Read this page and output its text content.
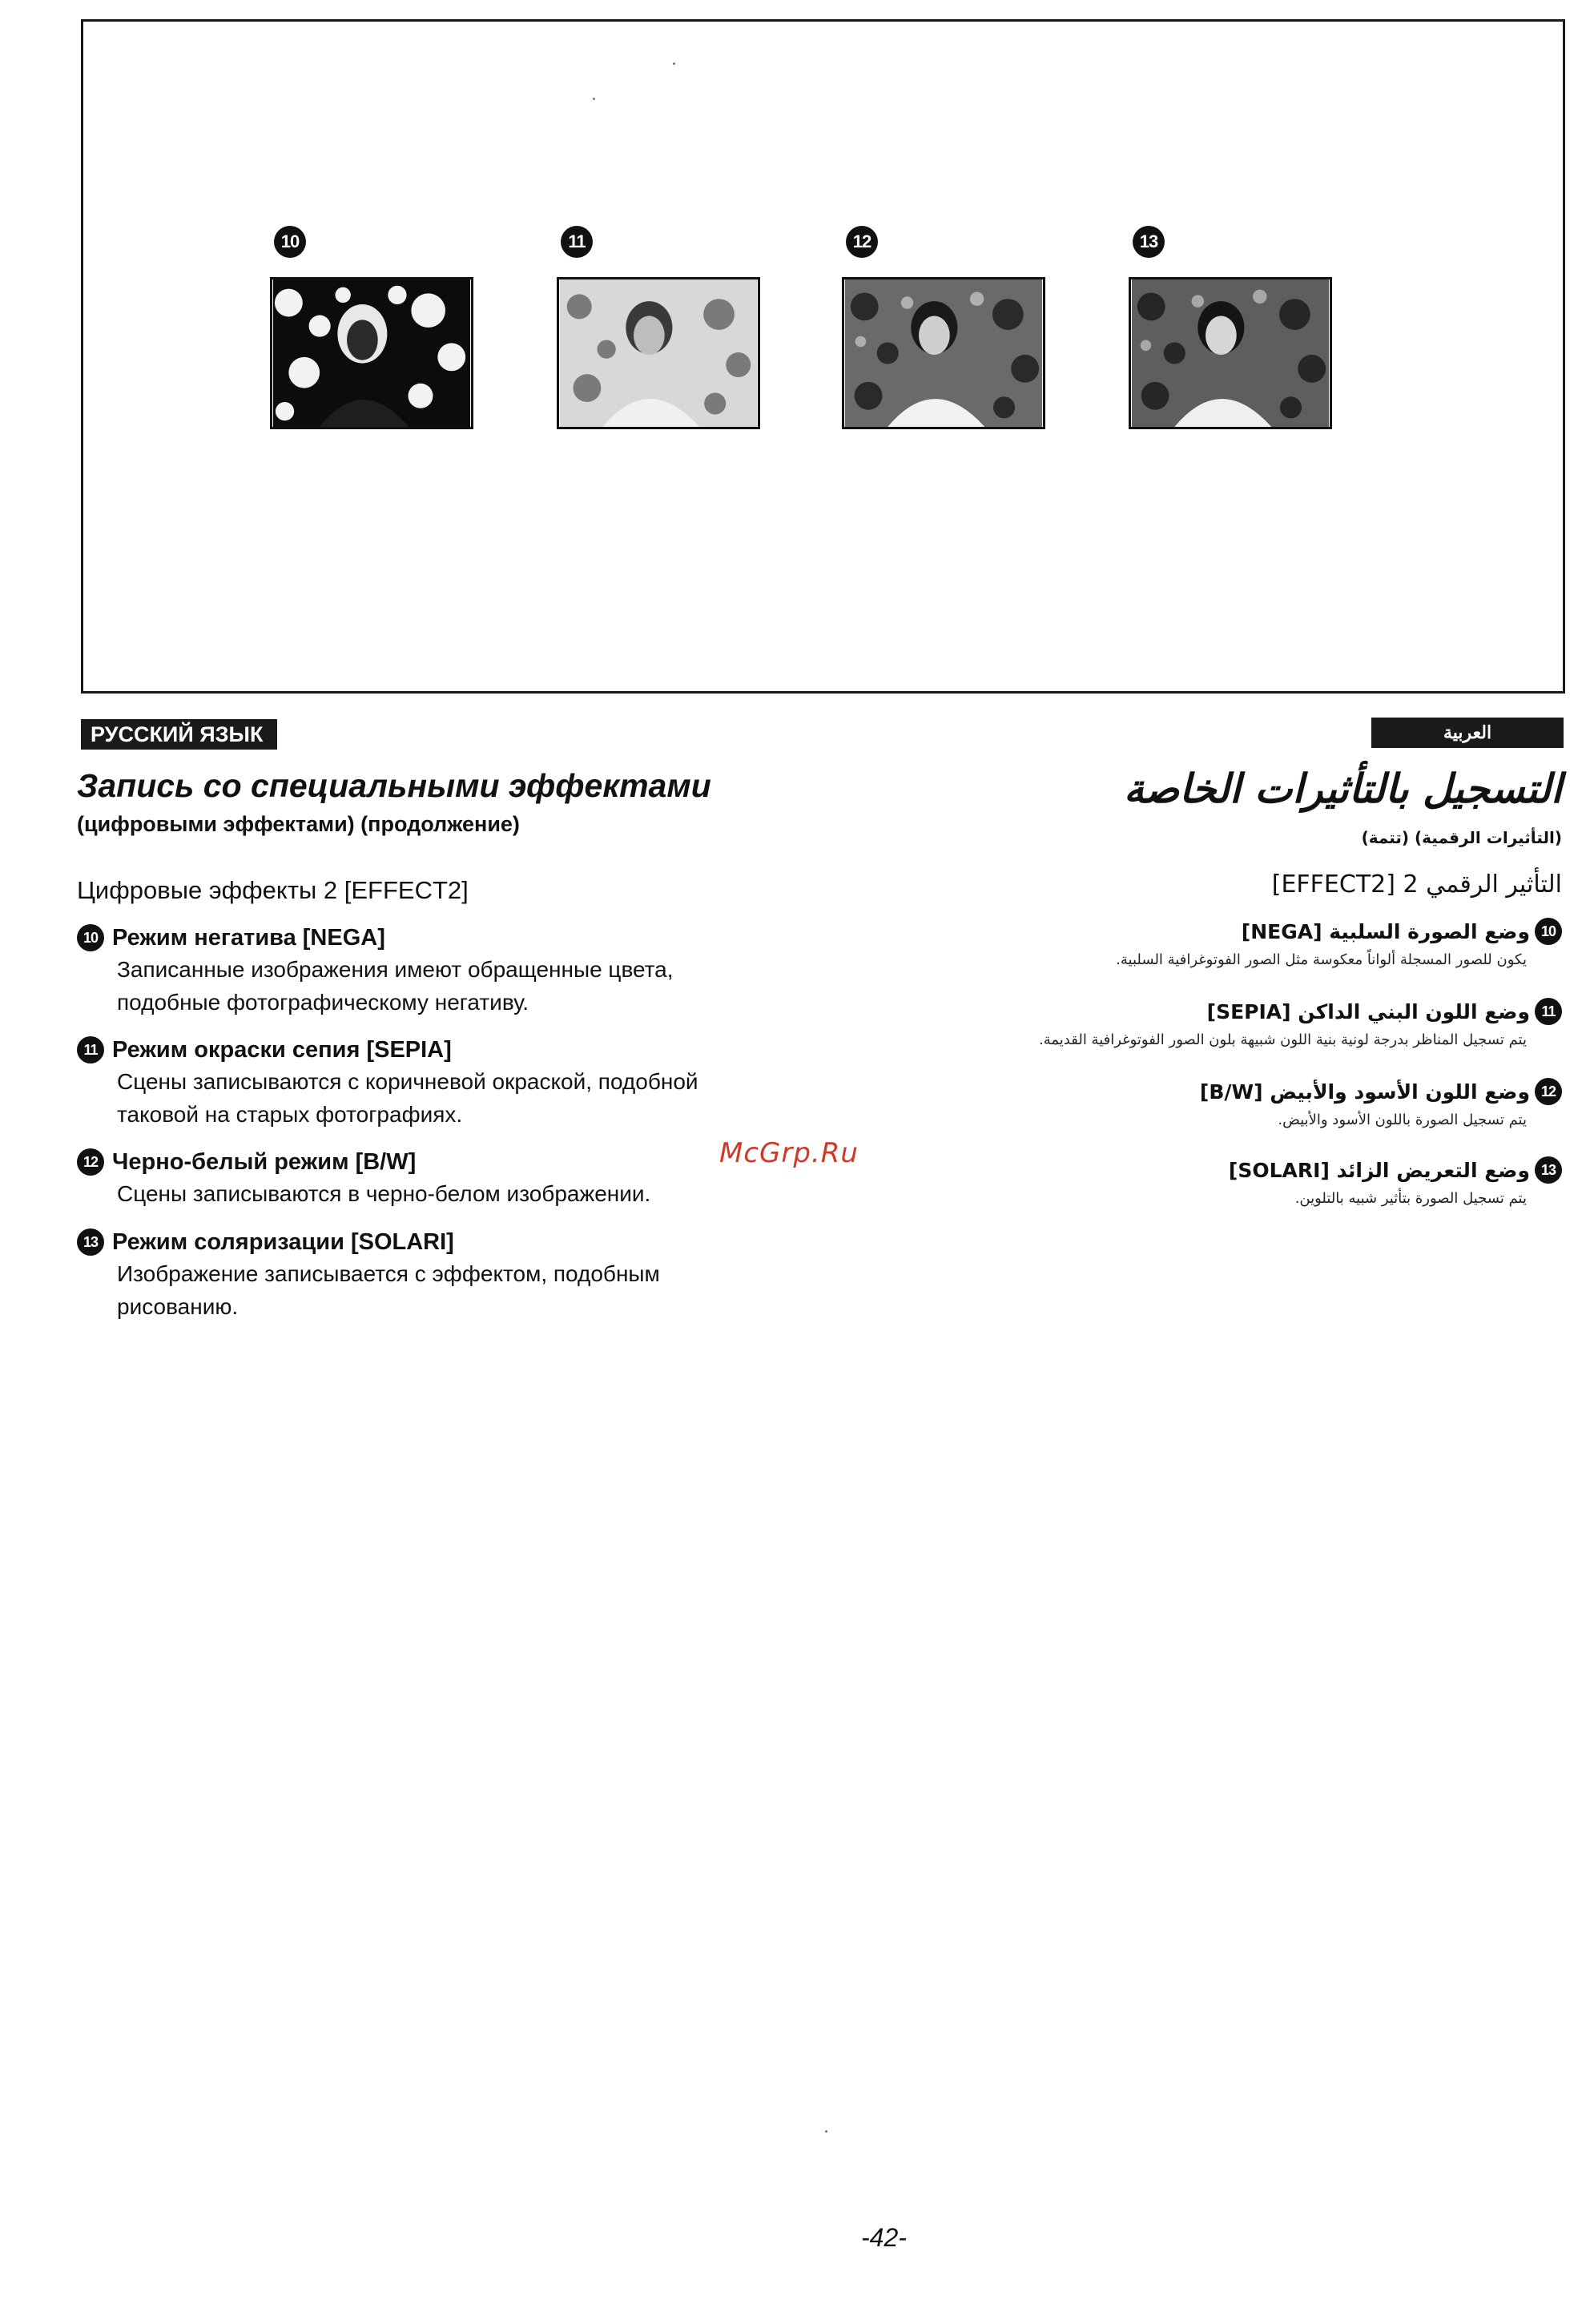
10	11	12	13
РУССКИЙ ЯЗЫК	العربية
Запись со специальными эффектами
(цифровыми эффектами) (продолжение)
Цифровые эффекты 2 [EFFECT2]
10 Режим негатива [NEGA]
Записанные изображения имеют обращенные цвета,
подобные фотографическому негативу.
11 Режим окраски сепия [SEPIA]
Сцены записываются с коричневой окраской, подобной
таковой на старых фотографиях.
12 Черно-белый режим [B/W]
Сцены записываются в черно-белом изображении.
13 Режим соляризации [SOLARI]
Изображение записывается с эффектом, подобным
рисованию.
McGrp.Ru
التسجيل بالتأثيرات الخاصة
(التأثيرات الرقمية) (تتمة)
التأثير الرقمي 2 [EFFECT2]
10
وضع الصورة السلبية [NEGA]
يكون للصور المسجلة ألواناً معكوسة مثل الصور الفوتوغرافية السلبية.
11
وضع اللون البني الداكن [SEPIA]
يتم تسجيل المناظر بدرجة لونية بنية اللون شبيهة بلون الصور الفوتوغرافية القديمة.
12
وضع اللون الأسود والأبيض [B/W]
يتم تسجيل الصورة باللون الأسود والأبيض.
13
وضع التعريض الزائد [SOLARI]
يتم تسجيل الصورة بتأثير شبيه بالتلوين.
-42-
